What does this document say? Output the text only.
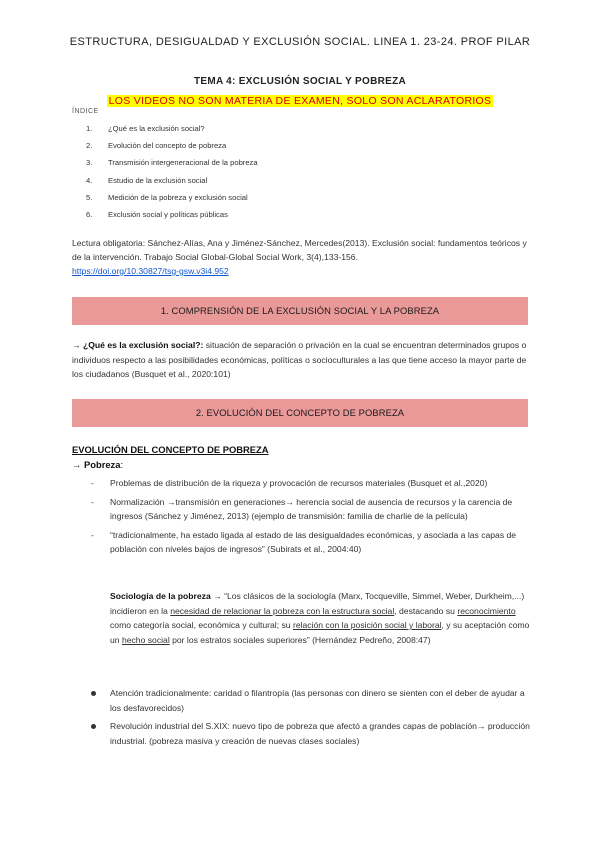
ESTRUCTURA, DESIGUALDAD Y EXCLUSIÓN SOCIAL. LINEA 1. 23-24. PROF PILAR
TEMA 4: EXCLUSIÓN SOCIAL Y POBREZA
LOS VIDEOS NO SON MATERIA DE EXAMEN, SOLO SON ACLARATORIOS
ÍNDICE
1. ¿Qué es la exclusión social?
2. Evolución del concepto de pobreza
3. Transmisión intergeneracional de la pobreza
4. Estudio de la exclusión social
5. Medición de la pobreza y exclusión social
6. Exclusión social y políticas públicas
Lectura obligatoria: Sánchez-Alías, Ana y Jiménez-Sánchez, Mercedes(2013). Exclusión social: fundamentos teóricos y de la intervención. Trabajo Social Global-Global Social Work, 3(4),133-156.
https://doi.org/10.30827/tsg-gsw.v3i4.952
1. COMPRENSIÓN DE LA EXCLUSIÓN SOCIAL Y LA POBREZA
→ ¿Qué es la exclusión social?: situación de separación o privación en la cual se encuentran determinados grupos o individuos respecto a las posibilidades económicas, políticas o socioculturales a las que tiene acceso la mayor parte de los ciudadanos (Busquet et al., 2020:101)
2. EVOLUCIÓN DEL CONCEPTO DE POBREZA
EVOLUCIÓN DEL CONCEPTO DE POBREZA
→ Pobreza:
- Problemas de distribución de la riqueza y provocación de recursos materiales (Busquet et al.,2020)
- Normalización →transmisión en generaciones→ herencia social de ausencia de recursos y la carencia de ingresos (Sánchez y Jiménez, 2013) (ejemplo de transmisión: familia de charlie de la película)
- “tradicionalmente, ha estado ligada al estado de las desigualdades económicas, y asociada a las capas de población con niveles bajos de ingresos” (Subirats et al., 2004:40)
Sociología de la pobreza → “Los clásicos de la sociología (Marx, Tocqueville, Simmel, Weber, Durkheim,...) incidieron en la necesidad de relacionar la pobreza con la estructura social, destacando su reconocimiento como categoría social, económica y cultural; su relación con la posición social y laboral, y su aceptación como un hecho social por los estratos sociales superiores” (Hernández Pedreño, 2008:47)
Atención tradicionalmente: caridad o filantropía (las personas con dinero se sienten con el deber de ayudar a los desfavorecidos)
Revolución industrial del S.XIX: nuevo tipo de pobreza que afectó a grandes capas de población→ producción industrial. (pobreza masiva y creación de nuevas clases sociales)
